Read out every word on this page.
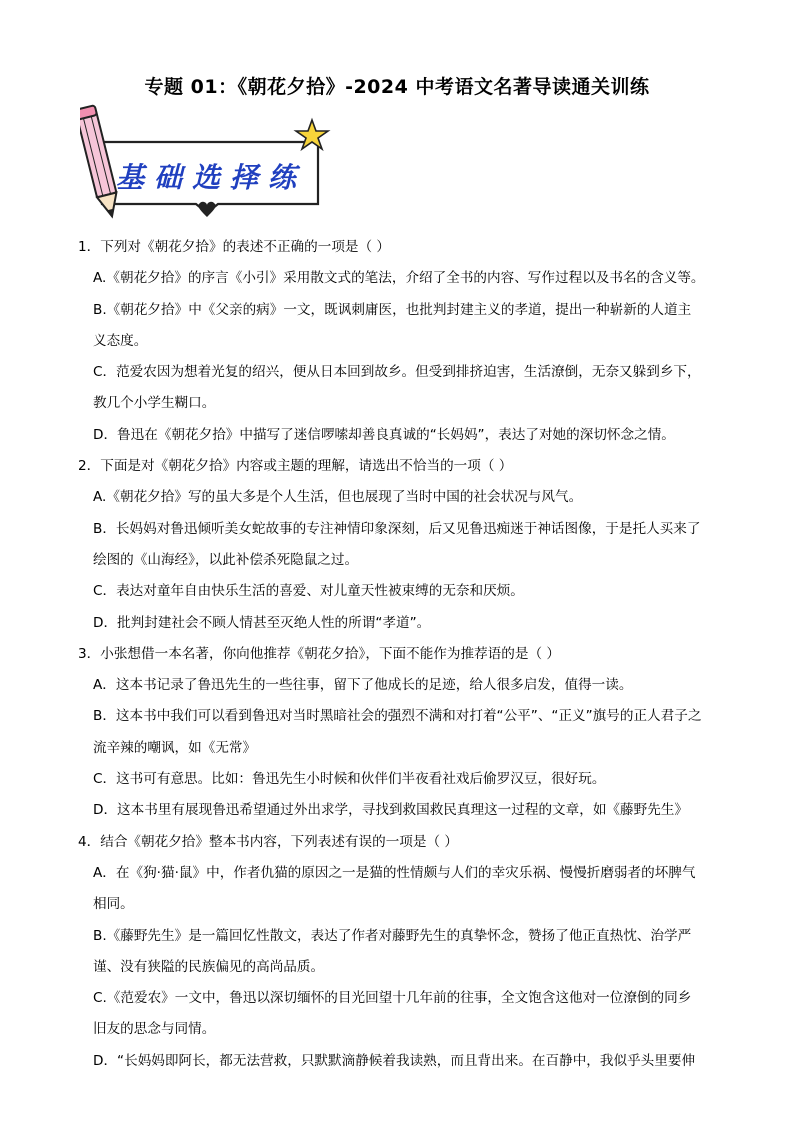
专题 01：《朝花夕拾》-2024 中考语文名著导读通关训练
基础选择练

1．下列对《朝花夕拾》的表述不正确的一项是（ ）

A.《朝花夕拾》的序言《小引》采用散文式的笔法，介绍了全书的内容、写作过程以及书名的含义等。

B.《朝花夕拾》中《父亲的病》一文，既讽刺庸医，也批判封建主义的孝道，提出一种崭新的人道主

义态度。

C．范爱农因为想着光复的绍兴，便从日本回到故乡。但受到排挤迫害，生活潦倒，无奈又躲到乡下，

教几个小学生糊口。

D．鲁迅在《朝花夕拾》中描写了迷信啰嗦却善良真诚的“长妈妈”，表达了对她的深切怀念之情。

2．下面是对《朝花夕拾》内容或主题的理解，请选出不恰当的一项（ ）

A.《朝花夕拾》写的虽大多是个人生活，但也展现了当时中国的社会状况与风气。

B．长妈妈对鲁迅倾听美女蛇故事的专注神情印象深刻，后又见鲁迅痴迷于神话图像，于是托人买来了

绘图的《山海经》，以此补偿杀死隐鼠之过。

C．表达对童年自由快乐生活的喜爱、对儿童天性被束缚的无奈和厌烦。

D．批判封建社会不顾人情甚至灭绝人性的所谓“孝道”。

3．小张想借一本名著，你向他推荐《朝花夕拾》，下面不能作为推荐语的是（ ）

A．这本书记录了鲁迅先生的一些往事，留下了他成长的足迹，给人很多启发，值得一读。

B．这本书中我们可以看到鲁迅对当时黑暗社会的强烈不满和对打着“公平”、“正义”旗号的正人君子之

流辛辣的嘲讽，如《无常》

C．这书可有意思。比如：鲁迅先生小时候和伙伴们半夜看社戏后偷罗汉豆，很好玩。

D．这本书里有展现鲁迅希望通过外出求学，寻找到救国救民真理这一过程的文章，如《藤野先生》

4．结合《朝花夕拾》整本书内容，下列表述有误的一项是（ ）

A．在《狗·猫·鼠》中，作者仇猫的原因之一是猫的性情颇与人们的幸灾乐祸、慢慢折磨弱者的坏脾气

相同。

B.《藤野先生》是一篇回忆性散文，表达了作者对藤野先生的真挚怀念，赞扬了他正直热忱、治学严

谨、没有狭隘的民族偏见的高尚品质。

C.《范爱农》一文中，鲁迅以深切缅怀的目光回望十几年前的往事，全文饱含这他对一位潦倒的同乡

旧友的思念与同情。

D．“长妈妈即阿长，都无法营救，只默默滴静候着我读熟，而且背出来。在百静中，我似乎头里要伸
